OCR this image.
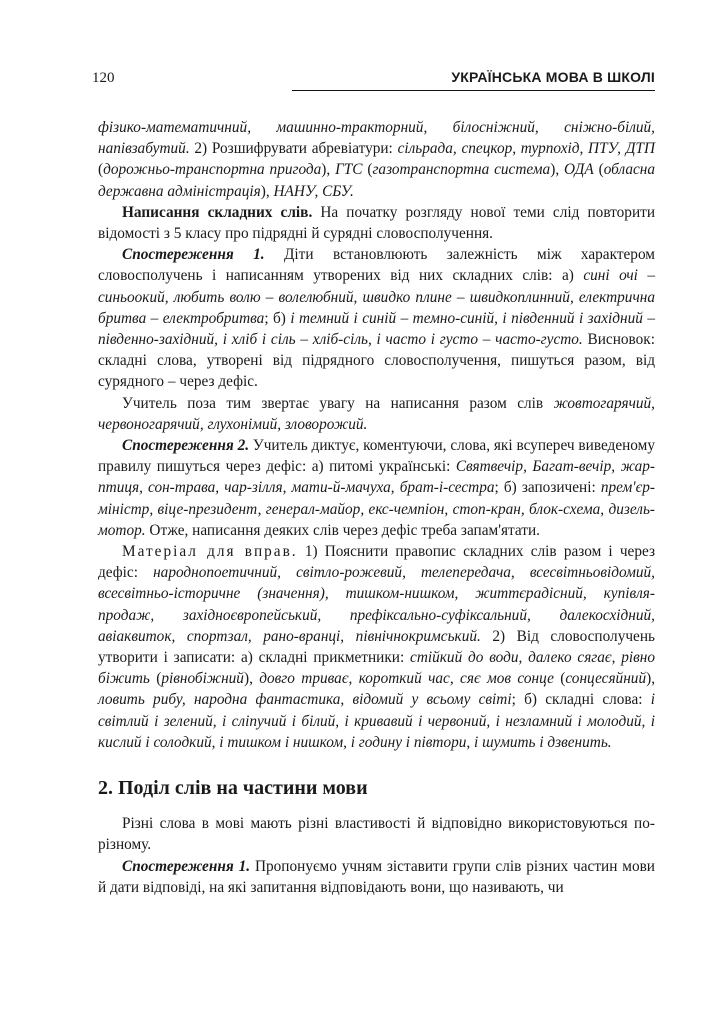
120	УКРАЇНСЬКА МОВА В ШКОЛІ

фізико-математичний, машинно-тракторний, білосніжний, сніжно-білий, напівзабутий. 2) Розшифрувати абревіатури: сільрада, спецкор, турпохід, ПТУ, ДТП (дорожньо-транспортна пригода), ГТС (газотранспортна система), ОДА (обласна державна адміністрація), НАНУ, СБУ.

Написання складних слів. На початку розгляду нової теми слід повторити відомості з 5 класу про підрядні й сурядні словосполучення.

Спостереження 1. Діти встановлюють залежність між характером словосполучень і написанням утворених від них складних слів: а) сині очі – синьоокий, любить волю – волелюбний, швидко плине – швидкоплинний, електрична бритва – електробритва; б) і темний і синій – темно-синій, і південний і західний – південно-західний, і хліб і сіль – хліб-сіль, і часто і густо – часто-густо. Висновок: складні слова, утворені від підрядного словосполучення, пишуться разом, від сурядного – через дефіс.

Учитель поза тим звертає увагу на написання разом слів жовтогарячий, червоногарячий, глухонімий, зловорожий.

Спостереження 2. Учитель диктує, коментуючи, слова, які всупереч виведеному правилу пишуться через дефіс: а) питомі українські: Святвечір, Багат-вечір, жар-птиця, сон-трава, чар-зілля, мати-й-мачуха, брат-і-сестра; б) запозичені: прем'єр-міністр, віце-президент, генерал-майор, екс-чемпіон, стоп-кран, блок-схема, дизель-мотор. Отже, написання деяких слів через дефіс треба запам'ятати.

Матеріал для вправ. 1) Пояснити правопис складних слів разом і через дефіс: народнопоетичний, світло-рожевий, телепередача, всесвітньовідомий, всесвітньо-історичне (значення), тишком-нишком, життєрадісний, купівля-продаж, західноєвропейський, префіксально-суфіксальний, далекосхідний, авіаквиток, спортзал, рано-вранці, північнокримський. 2) Від словосполучень утворити і записати: а) складні прикметники: стійкий до води, далеко сягає, рівно біжить (рівнобіжний), довго триває, короткий час, сяє мов сонце (сонцесяйний), ловить рибу, народна фантастика, відомий у всьому світі; б) складні слова: і світлий і зелений, і сліпучий і білий, і кривавий і червоний, і незламний і молодий, і кислий і солодкий, і тишком і нишком, і годину і півтори, і шумить і дзвенить.

2. Поділ слів на частини мови

Різні слова в мові мають різні властивості й відповідно використовуються по-різному.

Спостереження 1. Пропонуємо учням зіставити групи слів різних частин мови й дати відповіді, на які запитання відповідають вони, що називають, чи
